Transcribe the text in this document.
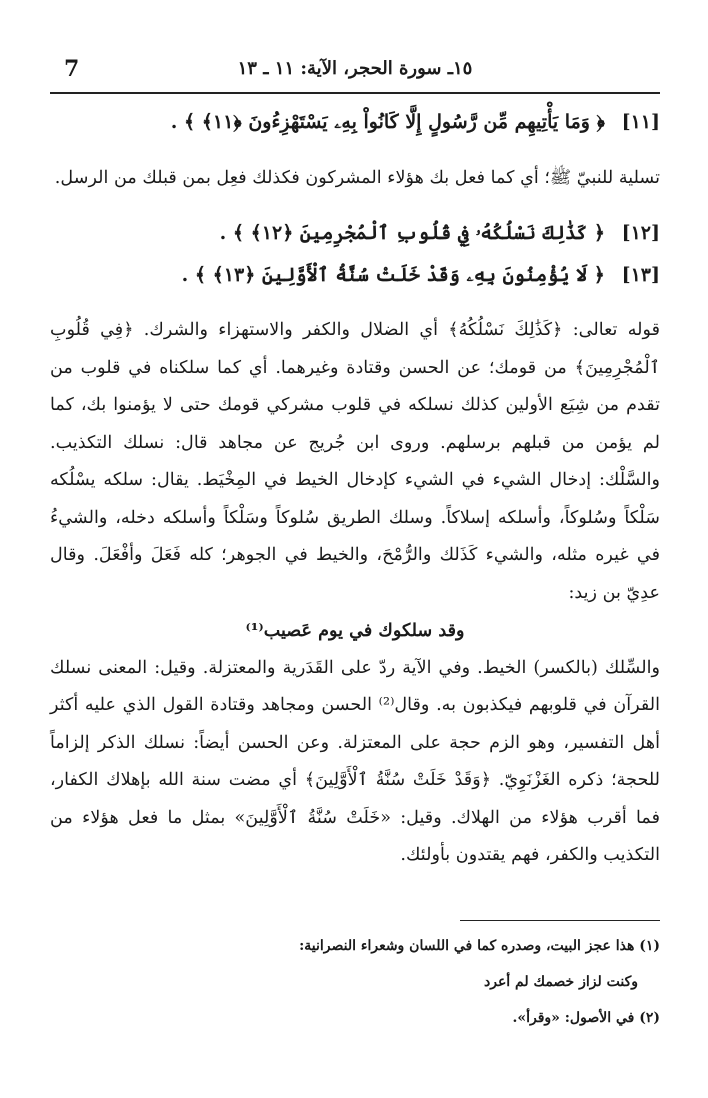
١٥ـ سورة الحجر، الآية: ١١ ـ ١٣
7
[١١] ﴿ وَمَا يَأْتِيهِم مِّن رَّسُولٍ إِلَّا كَانُواْ بِهِۦ يَسْتَهْزِءُونَ ﴿١١﴾ ﴾ .

تسلية للنبيّ ﷺ؛ أي كما فعل بك هؤلاء المشركون فكذلك فعِل بمن قبلك من الرسل.

[١٢] ﴿ كَذَٰلِكَ نَسْلُكُهُۥ فِي قُلُوبِ ٱلْمُجْرِمِينَ ﴿١٢﴾ ﴾ .
[١٣] ﴿ لَا يُؤْمِنُونَ بِهِۦ وَقَدْ خَلَتْ سُنَّةُ ٱلْأَوَّلِينَ ﴿١٣﴾ ﴾ .

قوله تعالى: ﴿كَذَٰلِكَ نَسْلُكُهُ﴾ أي الضلال والكفر والاستهزاء والشرك. ﴿فِي قُلُوبِ ٱلْمُجْرِمِينَ﴾ من قومك؛ عن الحسن وقتادة وغيرهما. أي كما سلكناه في قلوب من تقدم من شِيَع الأولين كذلك نسلكه في قلوب مشركي قومك حتى لا يؤمنوا بك، كما لم يؤمن من قبلهم برسلهم. وروى ابن جُريج عن مجاهد قال: نسلك التكذيب. والسَّلْك: إدخال الشيء في الشيء كإدخال الخيط في المِخْيَط. يقال: سلكه يسْلُكه سَلْكاً وسُلوكاً، وأسلكه إسلاكاً. وسلك الطريق سُلوكاً وسَلْكاً وأسلكه دخله، والشيءُ في غيره مثله، والشيء كَذَلك والرُّمْحَ، والخيط في الجوهر؛ كله فَعَلَ وأفْعَلَ. وقال عدِيّ بن زيد:

وقد سلكوك في يوم عَصيب⁽¹⁾

والسِّلك (بالكسر) الخيط. وفي الآية ردّ على القَدَرية والمعتزلة. وقيل: المعنى نسلك القرآن في قلوبهم فيكذبون به. وقال⁽²⁾ الحسن ومجاهد وقتادة القول الذي عليه أكثر أهل التفسير، وهو الزم حجة على المعتزلة. وعن الحسن أيضاً: نسلك الذكر إلزاماً للحجة؛ ذكره الغَزْنَوِيّ. ﴿وَقَدْ خَلَتْ سُنَّةُ ٱلْأَوَّلِينَ﴾ أي مضت سنة الله بإهلاك الكفار، فما أقرب هؤلاء من الهلاك. وقيل: «خَلَتْ سُنَّةُ ٱلْأَوَّلِينَ» بمثل ما فعل هؤلاء من التكذيب والكفر، فهم يقتدون بأولئك.

(١) هذا عجز البيت، وصدره كما في اللسان وشعراء النصرانية:
وكنت لزاز خصمك لم أعرد
(٢) في الأصول: «وقرأ».
